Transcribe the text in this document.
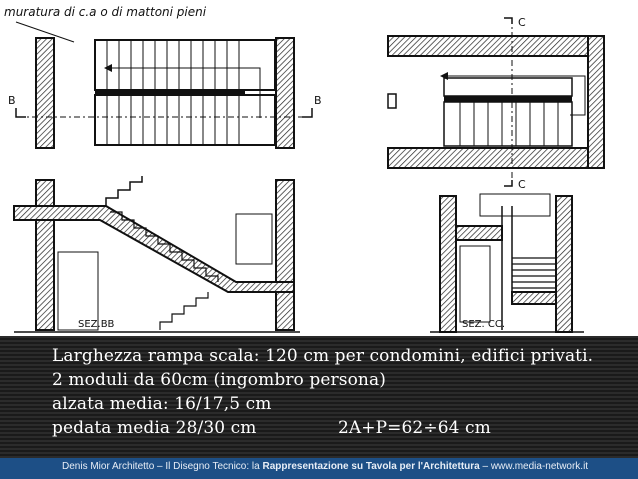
muratura di c.a o di mattoni pieni
B	B
C
C
SEZ.BB	SEZ. CC.
Larghezza rampa scala: 120 cm per condomini, edifici privati.
2 moduli da 60cm (ingombro persona)
alzata media: 16/17,5 cm
pedata media 28/30 cm	2A+P=62÷64 cm
Denis Mior Architetto – Il Disegno Tecnico: la Rappresentazione su Tavola per l'Architettura – www.media-network.it
